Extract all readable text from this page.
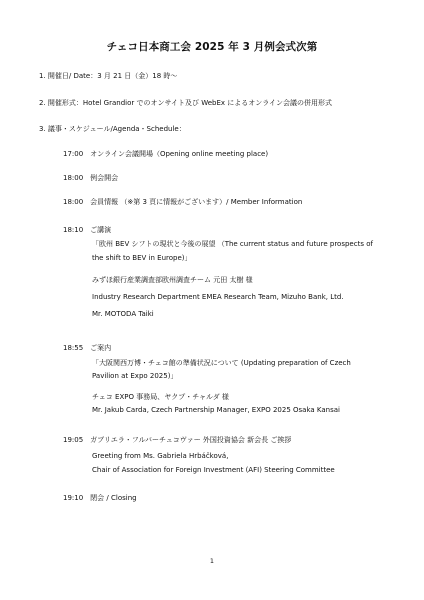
チェコ日本商工会 2025 年 3 月例会式次第
1. 開催日/ Date：3 月 21 日（金）18 時～
2. 開催形式：Hotel Grandior でのオンサイト及び WebEx によるオンライン会議の併用形式
3. 議事・スケジュール/Agenda・Schedule：
17:00　オンライン会議開場（Opening online meeting place)
18:00　例会開会
18:00　会員情報 （※第 3 頁に情報がございます）/ Member Information
18:10　ご講演
「欧州 BEV シフトの現状と今後の展望 （The current status and future prospects of
the shift to BEV in Europe)」
みずほ銀行産業調査部欧州調査チーム 元田 太樹 様
Industry Research Department EMEA Research Team, Mizuho Bank, Ltd.
Mr. MOTODA Taiki
18:55　ご案内
「大阪関西万博・チェコ館の準備状況について (Updating preparation of Czech
Pavilion at Expo 2025)」
チェコ EXPO 事務局、ヤクプ・チャルダ 様
Mr. Jakub Carda, Czech Partnership Manager, EXPO 2025 Osaka Kansai
19:05　ガブリエラ・フルバーチュコヴァー 外国投資協会 新会長 ご挨拶
Greeting from Ms. Gabriela Hrbáčková,
Chair of Association for Foreign Investment (AFI) Steering Committee
19:10　閉会 / Closing
1
